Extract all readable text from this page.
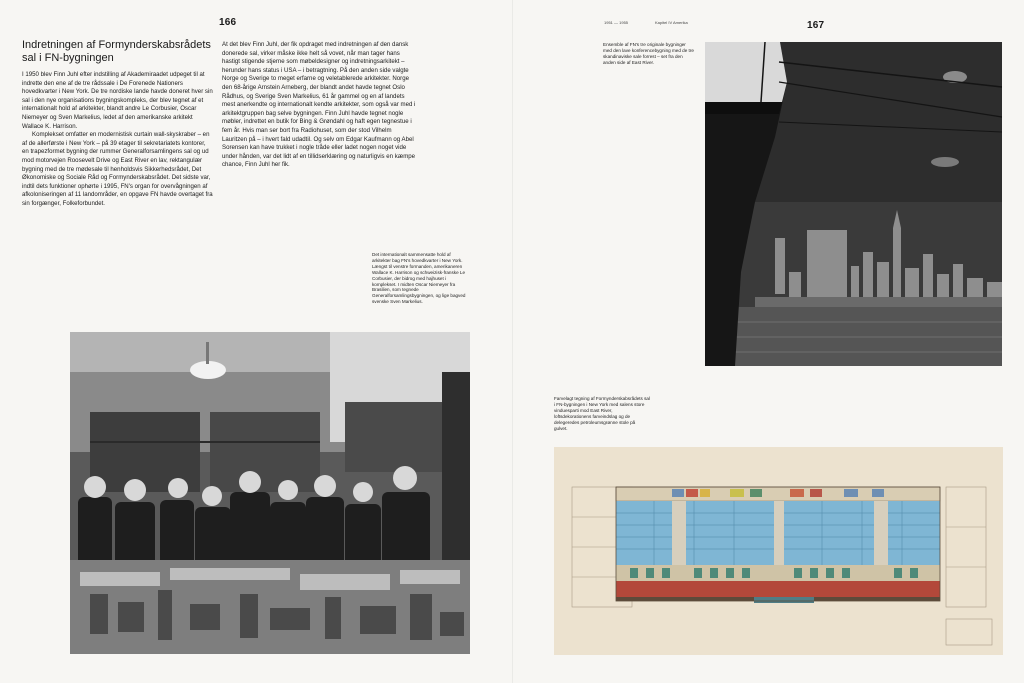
166
Indretningen af Formynderskabsrådets sal i FN-bygningen

I 1950 blev Finn Juhl efter indstilling af Akademiraadet udpeget til at indrette den ene af de tre rådssale i De Forenede Nationers hovedkvarter i New York. De tre nordiske lande havde doneret hver sin sal i den nye organisations bygningskompleks, der blev tegnet af et internationalt hold af arkitekter, blandt andre Le Corbusier, Oscar Niemeyer og Sven Markelius, ledet af den amerikanske arkitekt Wallace K. Harrison.

Komplekset omfatter en modernistisk curtain wall-skyskraber – en af de allerførste i New York – på 39 etager til sekretariatets kontorer, en trapezformet bygning der rummer Generalforsamlingens sal og ud mod motorvejen Roosevelt Drive og East River en lav, rektangulær bygning med de tre mødesale til henholdsvis Sikkerhedsrådet, Det Økonomiske og Sociale Råd og Formynderskabsrådet. Det sidste var, indtil dets funktioner ophørte i 1995, FN's organ for overvågningen af afkoloniseringen af 11 landområder, en opgave FN havde overtaget fra sin forgænger, Folkeforbundet.

At det blev Finn Juhl, der fik opdraget med indretningen af den dansk donerede sal, virker måske ikke helt så vovet, når man tager hans hastigt stigende stjerne som møbeldesigner og indretningsarkitekt – herunder hans status i USA – i betragtning. På den anden side valgte Norge og Sverige to meget erfarne og veletablerede arkitekter. Norge den 68-årige Arnstein Arneberg, der blandt andet havde tegnet Oslo Rådhus, og Sverige Sven Markelius, 61 år gammel og en af landets mest anerkendte og internationalt kendte arkitekter, som også var med i arkitektgruppen bag selve bygningen. Finn Juhl havde tegnet nogle møbler, indrettet en butik for Bing & Grøndahl og haft egen tegnestue i fem år. Hvis man ser bort fra Radiohuset, som der stod Vilhelm Lauritzen på – i hvert fald udadtil. Og selv om Edgar Kaufmann og Abel Sorensen kan have trukket i nogle tråde eller ladet nogen noget vide under hånden, var det lidt af en tillidserklæring og naturligvis en kæmpe chance, Finn Juhl her fik.

Det internationalt sammensatte hold af arkitekter bag FN's hovedkvarter i New York. Længst til venstre formanden, amerikaneren Wallace K. Harrison og schweizisk-franske Le Corbusier, der bidrog med hajhuset i komplekset. I midten Oscar Niemeyer fra Brasilien, som tegnede Generalforsamlingsbygningen, og lige bagved svenske Sven Markelius.
1951 — 1955	Kapitel IV Amerika	167
Ensemble af FN's tre originale bygninger med den lave konferencebygning med de tre skandinaviske sale forrest – set fra den anden side af East River.
Farvelagt tegning af Formynderskabsrådets sal i FN-bygningen i New York med salens store vinduesparti mod East River, loftsdekorationens farveindslag og de delegeredes petroleumsgrønne stole på gulvet.
